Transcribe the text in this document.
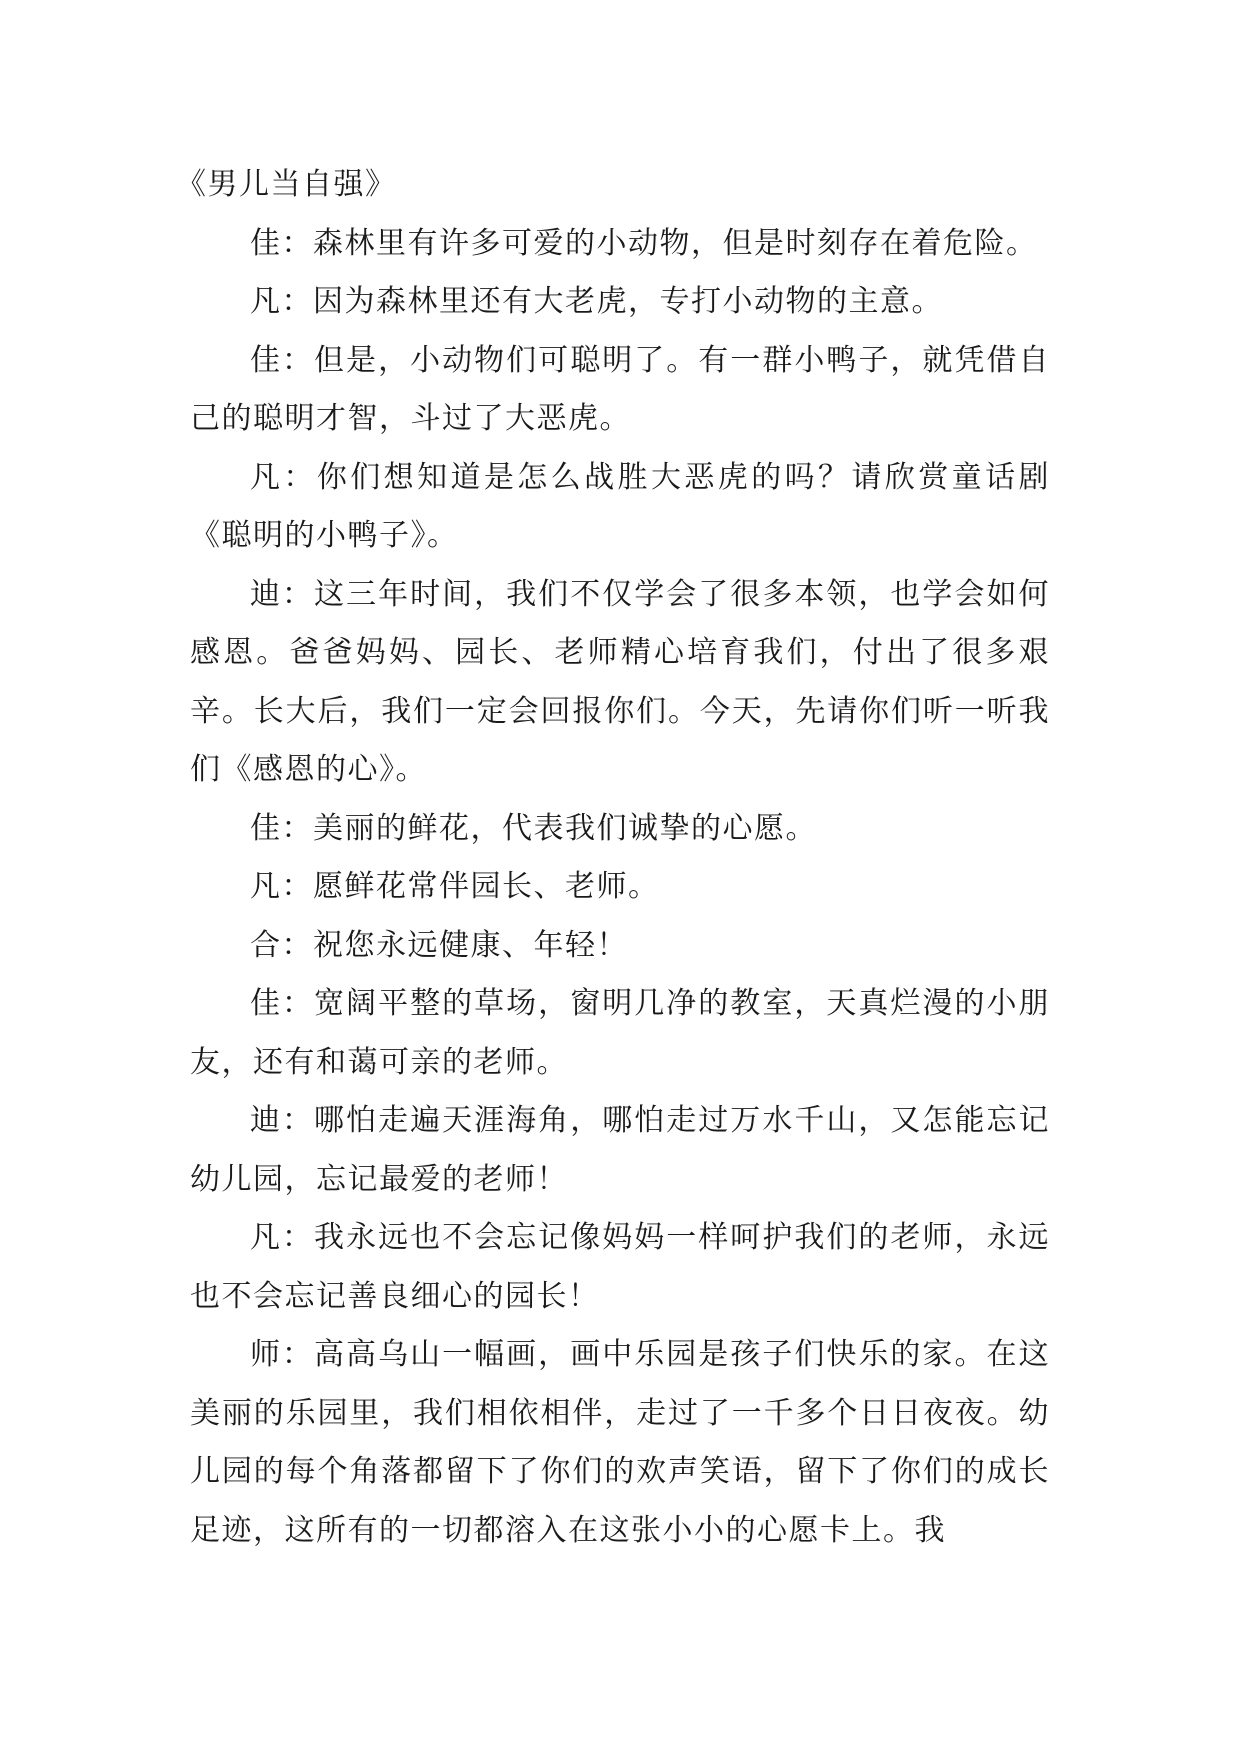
《男儿当自强》

佳：森林里有许多可爱的小动物，但是时刻存在着危险。

凡：因为森林里还有大老虎，专打小动物的主意。

佳：但是，小动物们可聪明了。有一群小鸭子，就凭借自己的聪明才智，斗过了大恶虎。

凡：你们想知道是怎么战胜大恶虎的吗？请欣赏童话剧《聪明的小鸭子》。

迪：这三年时间，我们不仅学会了很多本领，也学会如何感恩。爸爸妈妈、园长、老师精心培育我们，付出了很多艰辛。长大后，我们一定会回报你们。今天，先请你们听一听我们《感恩的心》。

佳：美丽的鲜花，代表我们诚挚的心愿。

凡：愿鲜花常伴园长、老师。

合：祝您永远健康、年轻！

佳：宽阔平整的草场，窗明几净的教室，天真烂漫的小朋友，还有和蔼可亲的老师。

迪：哪怕走遍天涯海角，哪怕走过万水千山，又怎能忘记幼儿园，忘记最爱的老师！

凡：我永远也不会忘记像妈妈一样呵护我们的老师，永远也不会忘记善良细心的园长！

师：高高乌山一幅画，画中乐园是孩子们快乐的家。在这美丽的乐园里，我们相依相伴，走过了一千多个日日夜夜。幼儿园的每个角落都留下了你们的欢声笑语，留下了你们的成长足迹，这所有的一切都溶入在这张小小的心愿卡上。我
